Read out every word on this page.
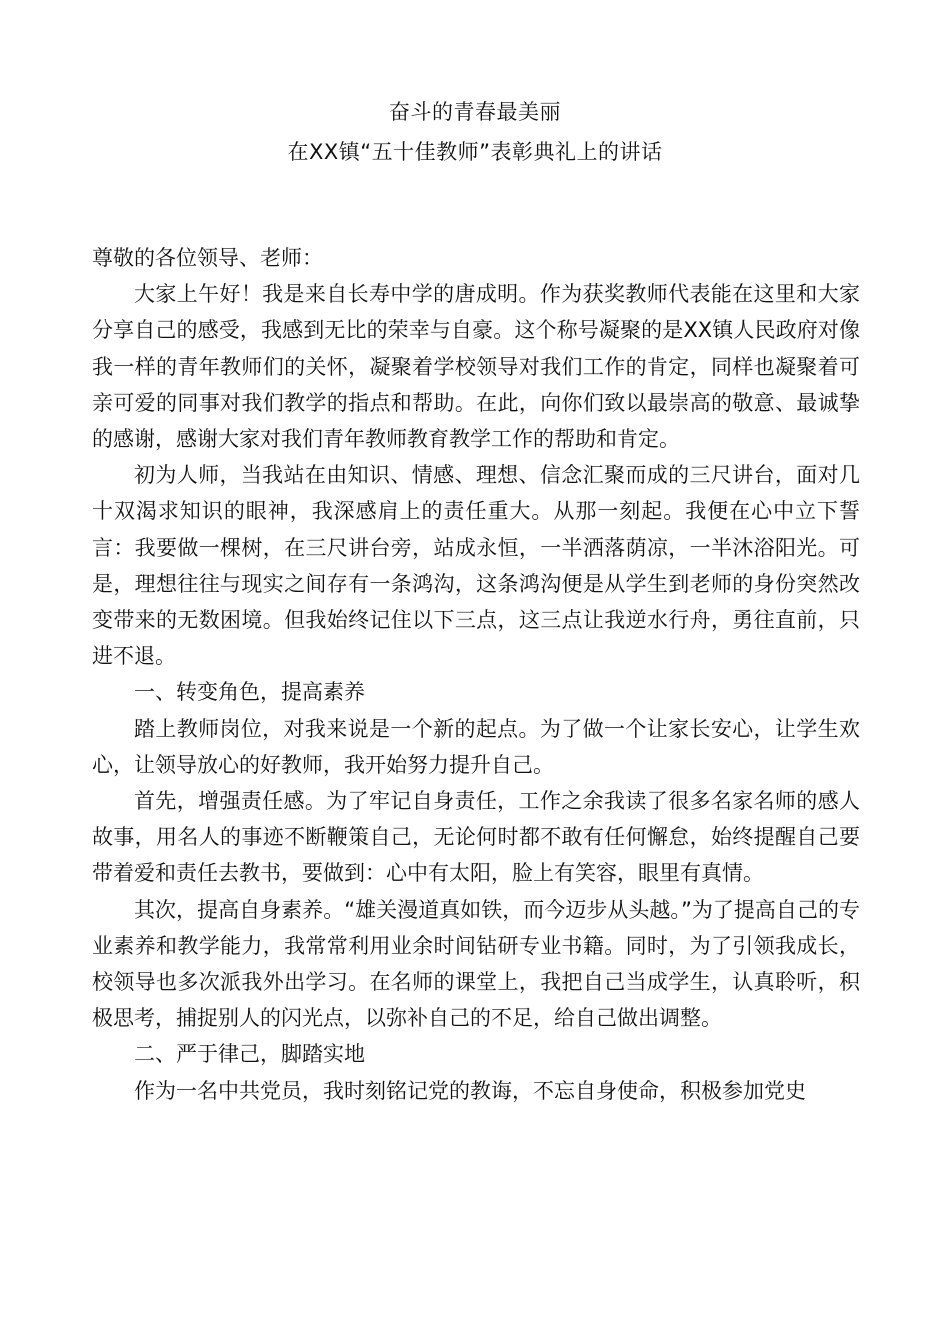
奋斗的青春最美丽
在XX镇“五十佳教师”表彰典礼上的讲话

尊敬的各位领导、老师：

大家上午好！我是来自长寿中学的唐成明。作为获奖教师代表能在这里和大家分享自己的感受，我感到无比的荣幸与自豪。这个称号凝聚的是XX镇人民政府对像我一样的青年教师们的关怀，凝聚着学校领导对我们工作的肯定，同样也凝聚着可亲可爱的同事对我们教学的指点和帮助。在此，向你们致以最崇高的敬意、最诚挚的感谢，感谢大家对我们青年教师教育教学工作的帮助和肯定。

初为人师，当我站在由知识、情感、理想、信念汇聚而成的三尺讲台，面对几十双渴求知识的眼神，我深感肩上的责任重大。从那一刻起。我便在心中立下誓言：我要做一棵树，在三尺讲台旁，站成永恒，一半洒落荫凉，一半沐浴阳光。可是，理想往往与现实之间存有一条鸿沟，这条鸿沟便是从学生到老师的身份突然改变带来的无数困境。但我始终记住以下三点，这三点让我逆水行舟，勇往直前，只进不退。

一、转变角色，提高素养

踏上教师岗位，对我来说是一个新的起点。为了做一个让家长安心，让学生欢心，让领导放心的好教师，我开始努力提升自己。

首先，增强责任感。为了牢记自身责任，工作之余我读了很多名家名师的感人故事，用名人的事迹不断鞭策自己，无论何时都不敢有任何懈怠，始终提醒自己要带着爱和责任去教书，要做到：心中有太阳，脸上有笑容，眼里有真情。

其次，提高自身素养。“雄关漫道真如铁，而今迈步从头越。”为了提高自己的专业素养和教学能力，我常常利用业余时间钻研专业书籍。同时，为了引领我成长，校领导也多次派我外出学习。在名师的课堂上，我把自己当成学生，认真聆听，积极思考，捕捉别人的闪光点，以弥补自己的不足，给自己做出调整。

二、严于律己，脚踏实地

作为一名中共党员，我时刻铭记党的教诲，不忘自身使命，积极参加党史
